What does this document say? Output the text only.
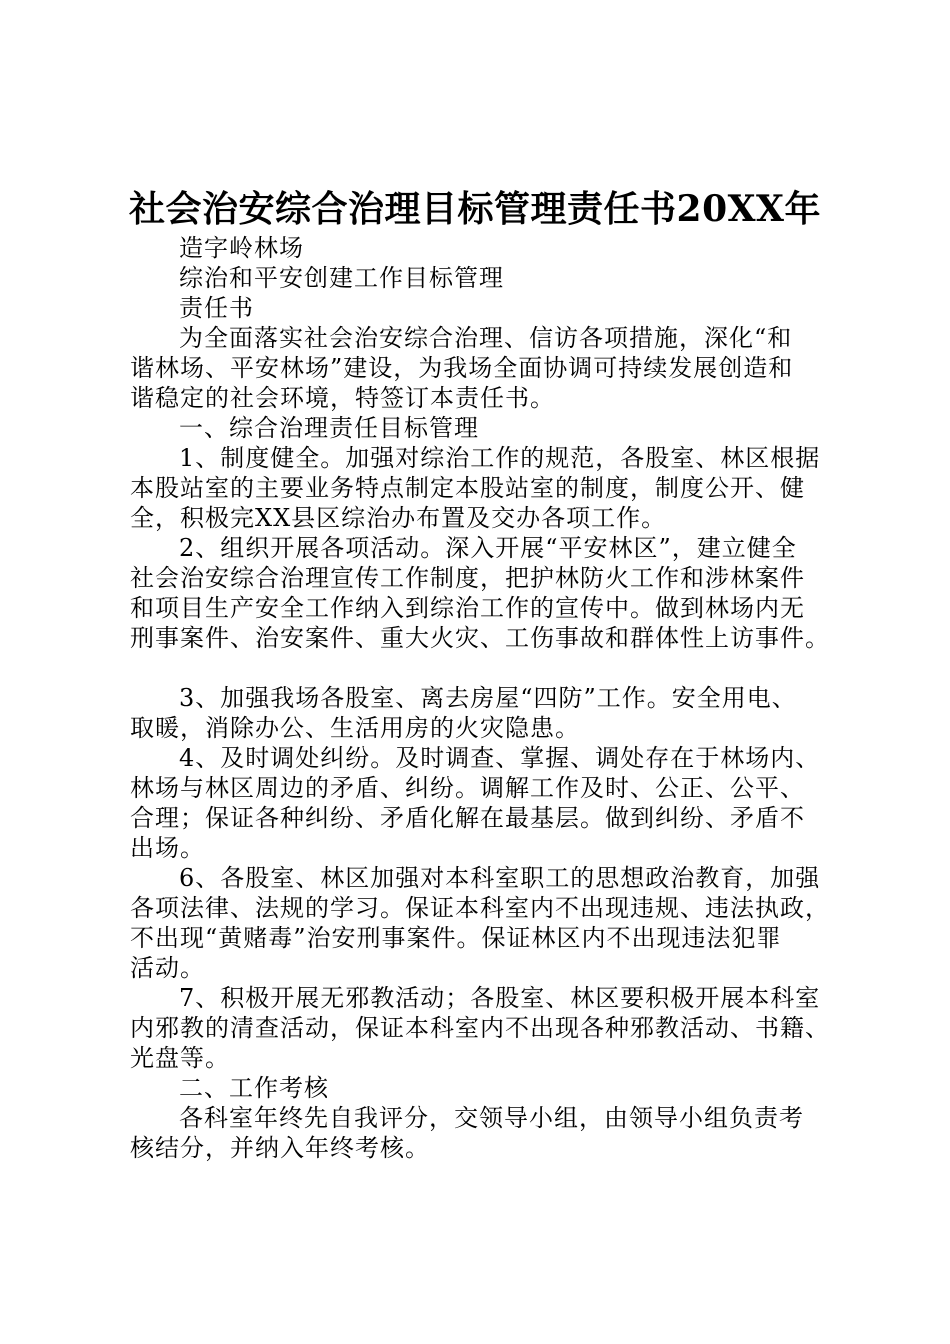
社会治安综合治理目标管理责任书20XX年
造字岭林场
综治和平安创建工作目标管理
责任书
为全面落实社会治安综合治理、信访各项措施，深化“和
谐林场、平安林场”建设，为我场全面协调可持续发展创造和
谐稳定的社会环境，特签订本责任书。
一、综合治理责任目标管理
1、制度健全。加强对综治工作的规范，各股室、林区根据
本股站室的主要业务特点制定本股站室的制度，制度公开、健
全，积极完XX县区综治办布置及交办各项工作。
2、组织开展各项活动。深入开展“平安林区”，建立健全
社会治安综合治理宣传工作制度，把护林防火工作和涉林案件
和项目生产安全工作纳入到综治工作的宣传中。做到林场内无
刑事案件、治安案件、重大火灾、工伤事故和群体性上访事件。
3、加强我场各股室、离去房屋“四防”工作。安全用电、
取暖，消除办公、生活用房的火灾隐患。
4、及时调处纠纷。及时调查、掌握、调处存在于林场内、
林场与林区周边的矛盾、纠纷。调解工作及时、公正、公平、
合理；保证各种纠纷、矛盾化解在最基层。做到纠纷、矛盾不
出场。
6、各股室、林区加强对本科室职工的思想政治教育，加强
各项法律、法规的学习。保证本科室内不出现违规、违法执政，
不出现“黄赌毒”治安刑事案件。保证林区内不出现违法犯罪
活动。
7、积极开展无邪教活动；各股室、林区要积极开展本科室
内邪教的清查活动，保证本科室内不出现各种邪教活动、书籍、
光盘等。
二、工作考核
各科室年终先自我评分，交领导小组，由领导小组负责考
核结分，并纳入年终考核。
